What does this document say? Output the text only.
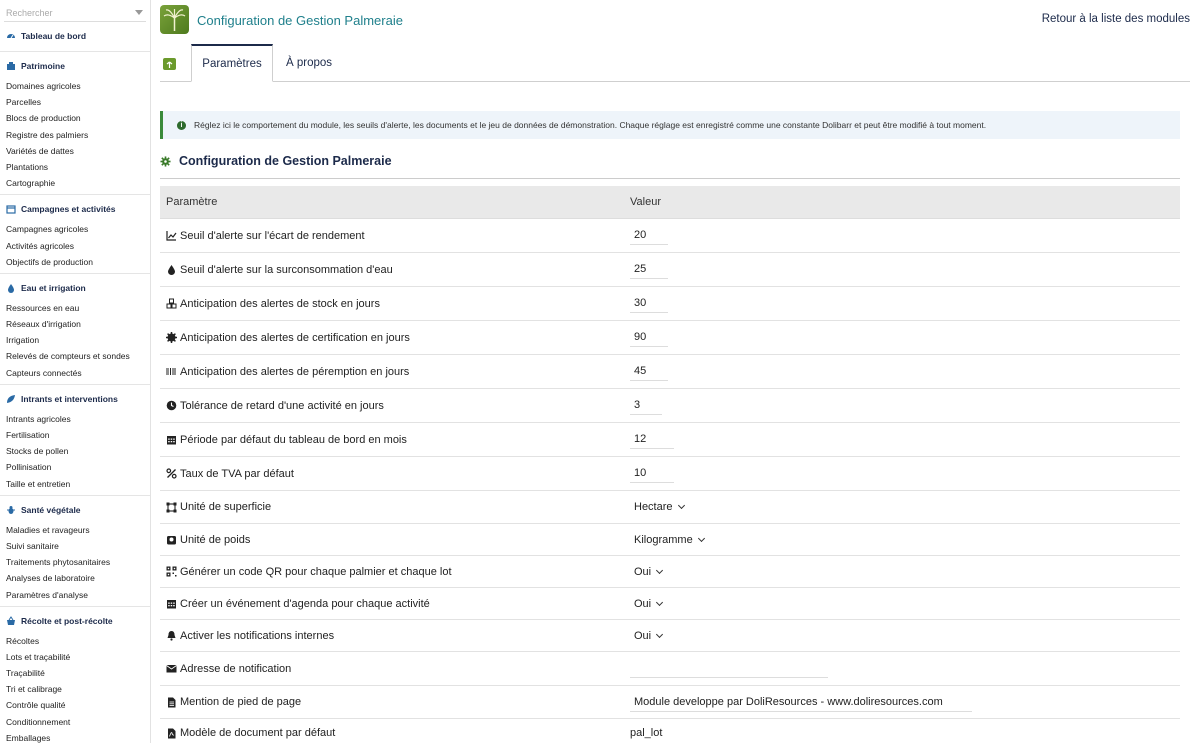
Rechercher
Tableau de bord
Patrimoine
Domaines agricoles
Parcelles
Blocs de production
Registre des palmiers
Variétés de dattes
Plantations
Cartographie
Campagnes et activités
Campagnes agricoles
Activités agricoles
Objectifs de production
Eau et irrigation
Ressources en eau
Réseaux d'irrigation
Irrigation
Relevés de compteurs et sondes
Capteurs connectés
Intrants et interventions
Intrants agricoles
Fertilisation
Stocks de pollen
Pollinisation
Taille et entretien
Santé végétale
Maladies et ravageurs
Suivi sanitaire
Traitements phytosanitaires
Analyses de laboratoire
Paramètres d'analyse
Récolte et post-récolte
Récoltes
Lots et traçabilité
Traçabilité
Tri et calibrage
Contrôle qualité
Conditionnement
Emballages
Configuration de Gestion Palmeraie	Retour à la liste des modules
Paramètres	À propos
i	Réglez ici le comportement du module, les seuils d'alerte, les documents et le jeu de données de démonstration. Chaque réglage est enregistré comme une constante Dolibarr et peut être modifié à tout moment.
Configuration de Gestion Palmeraie
Paramètre	Valeur
Seuil d'alerte sur l'écart de rendement	20
Seuil d'alerte sur la surconsommation d'eau	25
Anticipation des alertes de stock en jours	30
Anticipation des alertes de certification en jours	90
Anticipation des alertes de péremption en jours	45
Tolérance de retard d'une activité en jours	3
Période par défaut du tableau de bord en mois	12
Taux de TVA par défaut	10
Unité de superficie	Hectare
Unité de poids	Kilogramme
Générer un code QR pour chaque palmier et chaque lot	Oui
Créer un événement d'agenda pour chaque activité	Oui
Activer les notifications internes	Oui
Adresse de notification
Mention de pied de page	Module developpe par DoliResources - www.doliresources.com
Modèle de document par défaut	pal_lot
